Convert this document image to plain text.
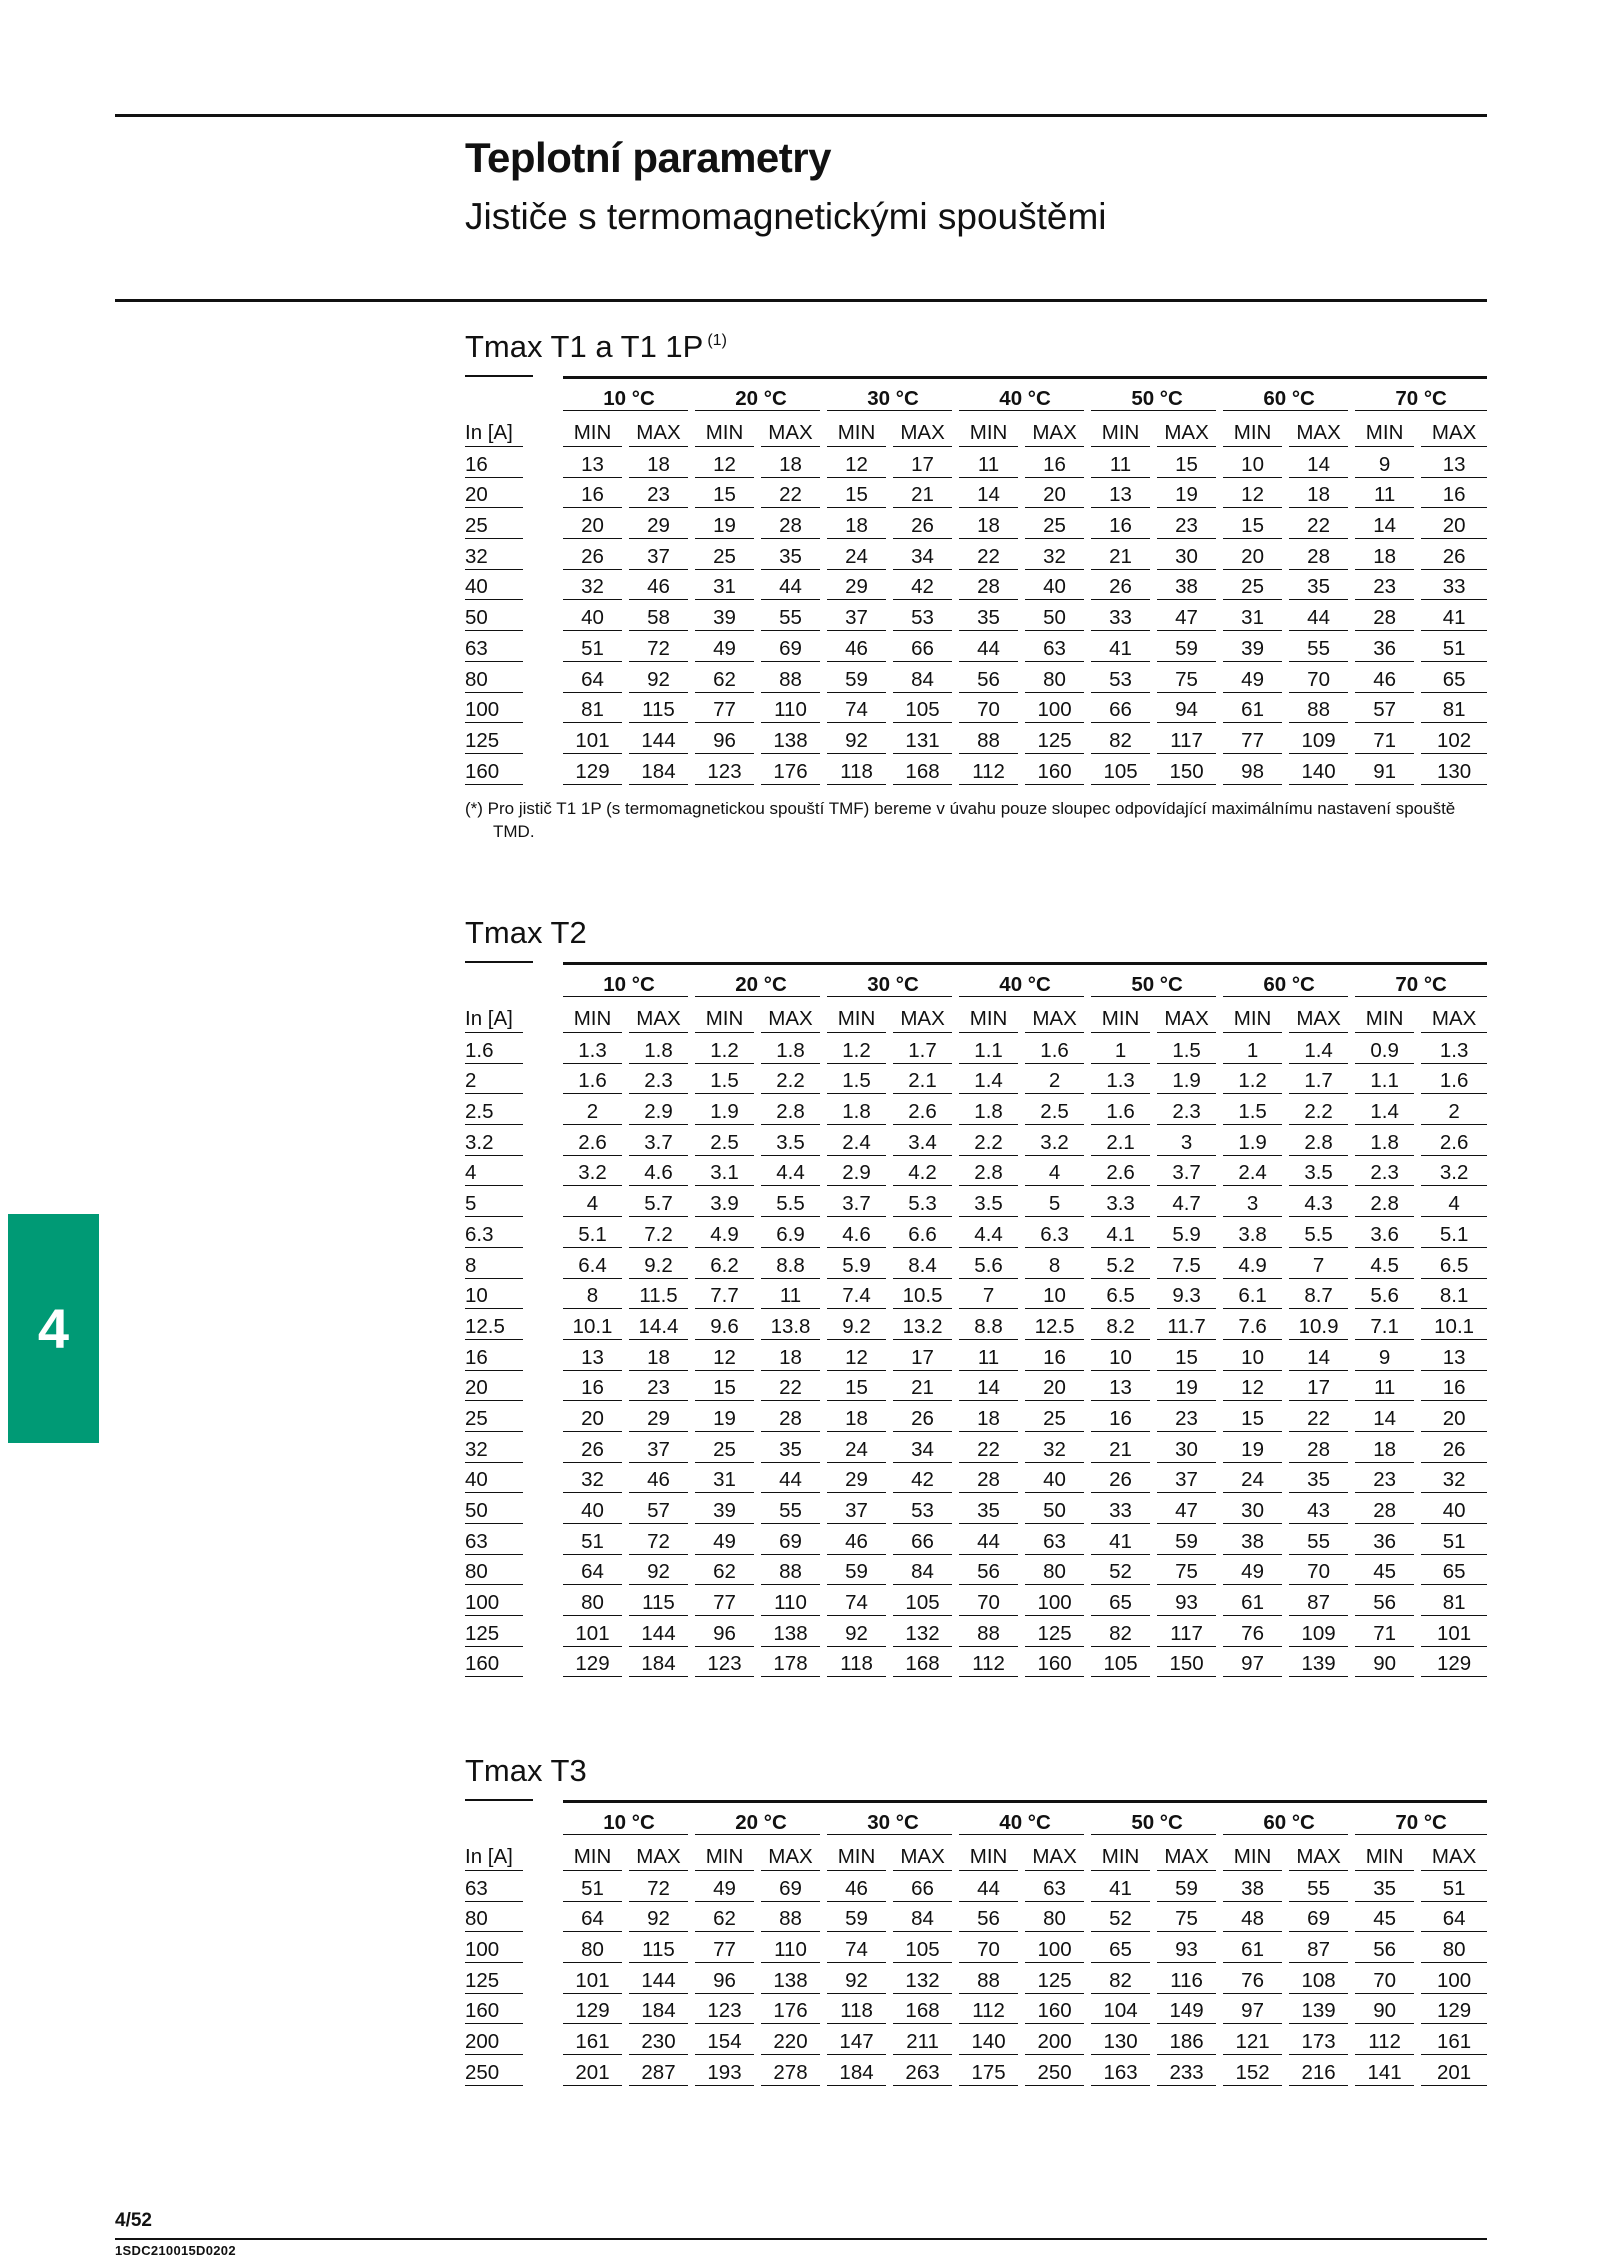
Teplotní parametry
Jističe s termomagnetickými spouštěmi
Tmax T1 a T1 1P $^{(1)}$
	10 °C		20 °C		30 °C		40 °C		50 °C		60 °C		70 °C	

In [A]	MIN	MAX	MIN	MAX	MIN	MAX	MIN	MAX	MIN	MAX	MIN	MAX	MIN	MAX

16	13	18	12	18	12	17	11	16	11	15	10	14	9	13

20	16	23	15	22	15	21	14	20	13	19	12	18	11	16

25	20	29	19	28	18	26	18	25	16	23	15	22	14	20

32	26	37	25	35	24	34	22	32	21	30	20	28	18	26

40	32	46	31	44	29	42	28	40	26	38	25	35	23	33

50	40	58	39	55	37	53	35	50	33	47	31	44	28	41

63	51	72	49	69	46	66	44	63	41	59	39	55	36	51

80	64	92	62	88	59	84	56	80	53	75	49	70	46	65

100	81	115	77	110	74	105	70	100	66	94	61	88	57	81

125	101	144	96	138	92	131	88	125	82	117	77	109	71	102

160	129	184	123	176	118	168	112	160	105	150	98	140	91	130
(*) Pro jistič T1 1P (s termomagnetickou spouští TMF) bereme v úvahu pouze sloupec odpovídající maximálnímu nastavení spouště TMD.
Tmax T2
	10 °C		20 °C		30 °C		40 °C		50 °C		60 °C		70 °C	

In [A]	MIN	MAX	MIN	MAX	MIN	MAX	MIN	MAX	MIN	MAX	MIN	MAX	MIN	MAX

1.6	1.3	1.8	1.2	1.8	1.2	1.7	1.1	1.6	1	1.5	1	1.4	0.9	1.3

2	1.6	2.3	1.5	2.2	1.5	2.1	1.4	2	1.3	1.9	1.2	1.7	1.1	1.6

2.5	2	2.9	1.9	2.8	1.8	2.6	1.8	2.5	1.6	2.3	1.5	2.2	1.4	2

3.2	2.6	3.7	2.5	3.5	2.4	3.4	2.2	3.2	2.1	3	1.9	2.8	1.8	2.6

4	3.2	4.6	3.1	4.4	2.9	4.2	2.8	4	2.6	3.7	2.4	3.5	2.3	3.2

5	4	5.7	3.9	5.5	3.7	5.3	3.5	5	3.3	4.7	3	4.3	2.8	4

6.3	5.1	7.2	4.9	6.9	4.6	6.6	4.4	6.3	4.1	5.9	3.8	5.5	3.6	5.1

8	6.4	9.2	6.2	8.8	5.9	8.4	5.6	8	5.2	7.5	4.9	7	4.5	6.5

10	8	11.5	7.7	11	7.4	10.5	7	10	6.5	9.3	6.1	8.7	5.6	8.1

12.5	10.1	14.4	9.6	13.8	9.2	13.2	8.8	12.5	8.2	11.7	7.6	10.9	7.1	10.1

16	13	18	12	18	12	17	11	16	10	15	10	14	9	13

20	16	23	15	22	15	21	14	20	13	19	12	17	11	16

25	20	29	19	28	18	26	18	25	16	23	15	22	14	20

32	26	37	25	35	24	34	22	32	21	30	19	28	18	26

40	32	46	31	44	29	42	28	40	26	37	24	35	23	32

50	40	57	39	55	37	53	35	50	33	47	30	43	28	40

63	51	72	49	69	46	66	44	63	41	59	38	55	36	51

80	64	92	62	88	59	84	56	80	52	75	49	70	45	65

100	80	115	77	110	74	105	70	100	65	93	61	87	56	81

125	101	144	96	138	92	132	88	125	82	117	76	109	71	101

160	129	184	123	178	118	168	112	160	105	150	97	139	90	129
Tmax T3
	10 °C		20 °C		30 °C		40 °C		50 °C		60 °C		70 °C	

In [A]	MIN	MAX	MIN	MAX	MIN	MAX	MIN	MAX	MIN	MAX	MIN	MAX	MIN	MAX

63	51	72	49	69	46	66	44	63	41	59	38	55	35	51

80	64	92	62	88	59	84	56	80	52	75	48	69	45	64

100	80	115	77	110	74	105	70	100	65	93	61	87	56	80

125	101	144	96	138	92	132	88	125	82	116	76	108	70	100

160	129	184	123	176	118	168	112	160	104	149	97	139	90	129

200	161	230	154	220	147	211	140	200	130	186	121	173	112	161

250	201	287	193	278	184	263	175	250	163	233	152	216	141	201
4
4/52
1SDC210015D0202
